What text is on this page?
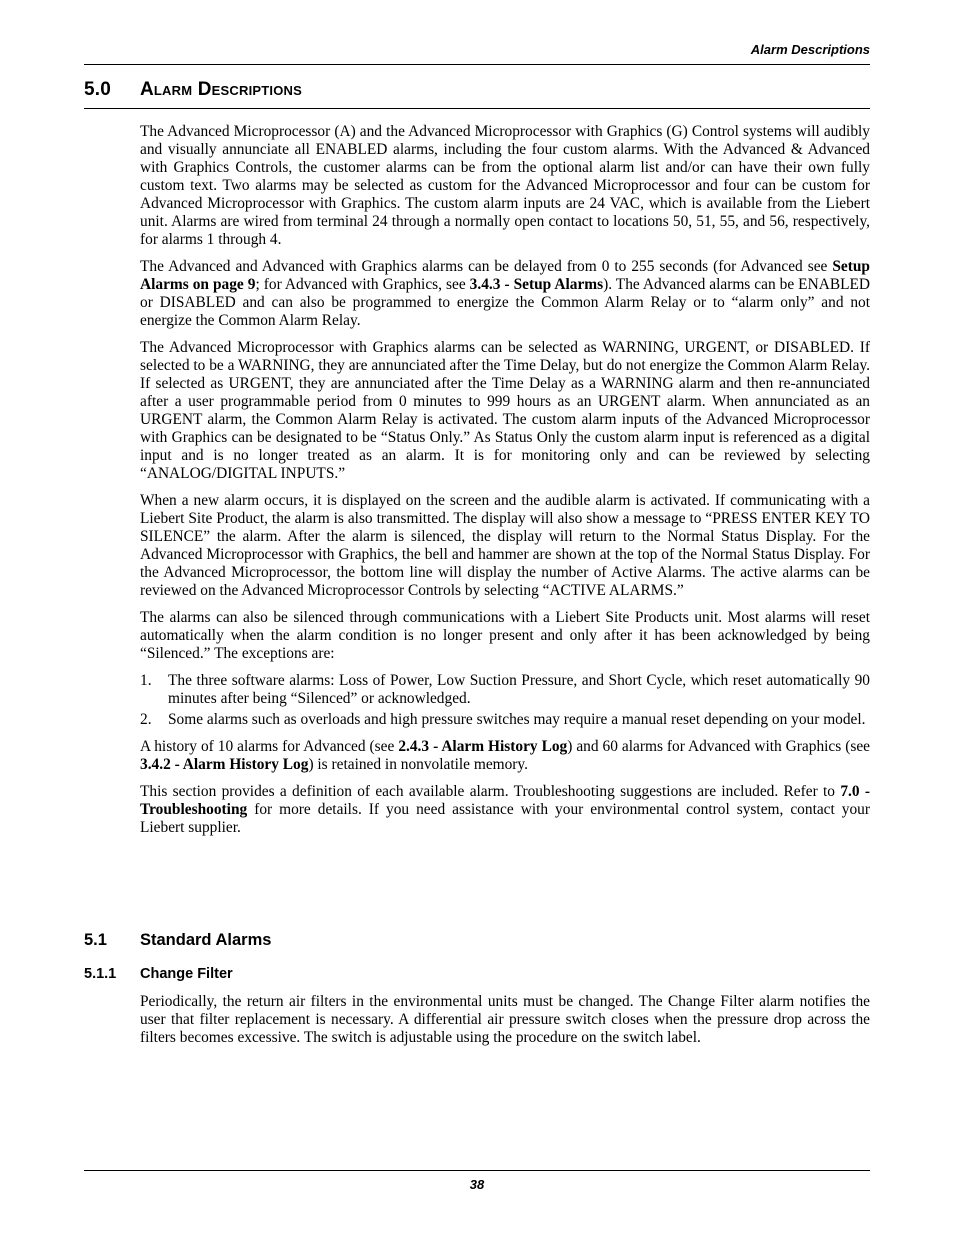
Alarm Descriptions
5.0 Alarm Descriptions

The Advanced Microprocessor (A) and the Advanced Microprocessor with Graphics (G) Control systems will audibly and visually annunciate all ENABLED alarms, including the four custom alarms. With the Advanced & Advanced with Graphics Controls, the customer alarms can be from the optional alarm list and/or can have their own fully custom text. Two alarms may be selected as custom for the Advanced Microprocessor and four can be custom for Advanced Microprocessor with Graphics. The custom alarm inputs are 24 VAC, which is available from the Liebert unit. Alarms are wired from terminal 24 through a normally open contact to locations 50, 51, 55, and 56, respectively, for alarms 1 through 4.

The Advanced and Advanced with Graphics alarms can be delayed from 0 to 255 seconds (for Advanced see Setup Alarms on page 9; for Advanced with Graphics, see 3.4.3 - Setup Alarms). The Advanced alarms can be ENABLED or DISABLED and can also be programmed to energize the Common Alarm Relay or to “alarm only” and not energize the Common Alarm Relay.

The Advanced Microprocessor with Graphics alarms can be selected as WARNING, URGENT, or DISABLED. If selected to be a WARNING, they are annunciated after the Time Delay, but do not energize the Common Alarm Relay. If selected as URGENT, they are annunciated after the Time Delay as a WARNING alarm and then re-annunciated after a user programmable period from 0 minutes to 999 hours as an URGENT alarm. When annunciated as an URGENT alarm, the Common Alarm Relay is activated. The custom alarm inputs of the Advanced Microprocessor with Graphics can be designated to be “Status Only.” As Status Only the custom alarm input is referenced as a digital input and is no longer treated as an alarm. It is for monitoring only and can be reviewed by selecting “ANALOG/DIGITAL INPUTS.”

When a new alarm occurs, it is displayed on the screen and the audible alarm is activated. If communicating with a Liebert Site Product, the alarm is also transmitted. The display will also show a message to “PRESS ENTER KEY TO SILENCE” the alarm. After the alarm is silenced, the display will return to the Normal Status Display. For the Advanced Microprocessor with Graphics, the bell and hammer are shown at the top of the Normal Status Display. For the Advanced Microprocessor, the bottom line will display the number of Active Alarms. The active alarms can be reviewed on the Advanced Microprocessor Controls by selecting “ACTIVE ALARMS.”

The alarms can also be silenced through communications with a Liebert Site Products unit. Most alarms will reset automatically when the alarm condition is no longer present and only after it has been acknowledged by being “Silenced.” The exceptions are:

1. The three software alarms: Loss of Power, Low Suction Pressure, and Short Cycle, which reset automatically 90 minutes after being “Silenced” or acknowledged.
2. Some alarms such as overloads and high pressure switches may require a manual reset depending on your model.

A history of 10 alarms for Advanced (see 2.4.3 - Alarm History Log) and 60 alarms for Advanced with Graphics (see 3.4.2 - Alarm History Log) is retained in nonvolatile memory.

This section provides a definition of each available alarm. Troubleshooting suggestions are included. Refer to 7.0 - Troubleshooting for more details. If you need assistance with your environmental control system, contact your Liebert supplier.

5.1 Standard Alarms
5.1.1 Change Filter

Periodically, the return air filters in the environmental units must be changed. The Change Filter alarm notifies the user that filter replacement is necessary. A differential air pressure switch closes when the pressure drop across the filters becomes excessive. The switch is adjustable using the procedure on the switch label.

38
